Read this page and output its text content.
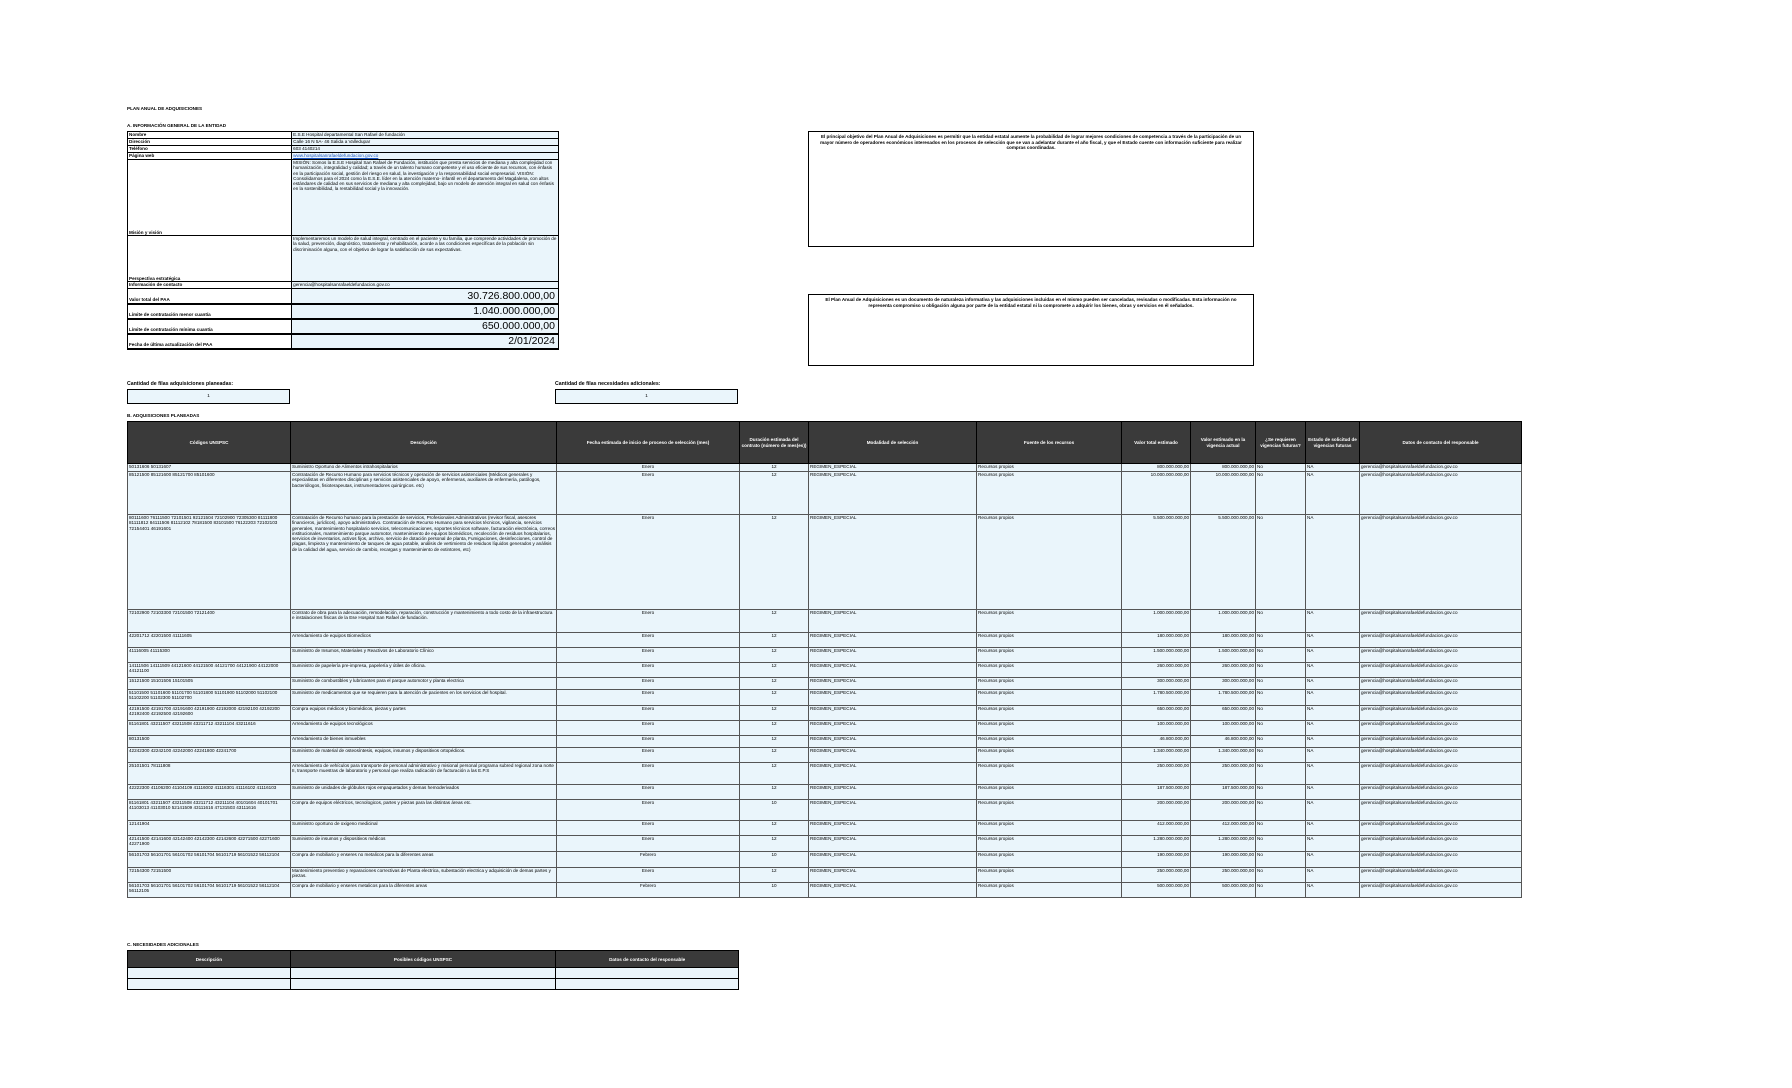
PLAN ANUAL DE ADQUISICIONES
A. INFORMACIÓN GENERAL DE LA ENTIDAD
Nombre	E.S.E Hospital departamental San Rafael de fundación
Dirección	Calle 16 N 5A- 46 Salida a Valledupar
Teléfono	603 4140214
Página web	www.hospitalsanrafaeldefundacion.gov.co
Misión y visión	MISIÓN: Somos la E.S.E Hospital San Rafael de Fundación, institución que presta servicios de mediana y alta complejidad con humanización, integralidad y calidad; a través de un talento humano competente y el uso eficiente de sus recursos, con énfasis en la participación social, gestión del riesgo en salud, la investigación y la responsabilidad social empresarial. VISIÓN: Consolidarnos para el 2024 como la E.S.E. líder en la atención materno- infantil en el departamento del Magdalena, con altos estándares de calidad en sus servicios de mediana y alta complejidad, bajo un modelo de atención integral en salud con énfasis en la sostenibilidad, la rentabilidad social y la innovación.
Perspectiva estratégica	Implementaremos un modelo de salud integral, centrado en el paciente y su familia, que comprende actividades de promoción de la salud, prevención, diagnóstico, tratamiento y rehabilitación, acorde a las condiciones específicas de la población sin discriminación alguna, con el objetivo de lograr la satisfacción de sus expectativas.
Información de contacto	gerencia@hospitalsanrafaeldefundacion.gov.co
Valor total del PAA	30.726.800.000,00
Límite de contratación menor cuantía	1.040.000.000,00
Límite de contratación mínima cuantía	650.000.000,00
Fecha de última actualización del PAA	2/01/2024
El principal objetivo del Plan Anual de Adquisiciones es permitir que la entidad estatal aumente la probabilidad de lograr mejores condiciones de competencia a través de la participación de un mayor número de operadores económicos interesados en los procesos de selección que se van a adelantar durante el año fiscal, y que el Estado cuente con información suficiente para realizar compras coordinadas.
El Plan Anual de Adquisiciones es un documento de naturaleza informativa y las adquisiciones incluidas en el mismo pueden ser canceladas, revisadas o modificadas. Esta información no representa compromiso u obligación alguna por parte de la entidad estatal ni la compromete a adquirir los bienes, obras y servicios en él señalados.
Cantidad de filas adquisiciones planeadas:
1
Cantidad de filas necesidades adicionales:
1
B. ADQUISICIONES PLANEADAS
Códigos UNSPSC	Descripción	Fecha estimada de inicio de proceso de selección (mes)	Duración estimada del contrato (número de mes(es))	Modalidad de selección	Fuente de los recursos	Valor total estimado	Valor estimado en la vigencia actual	¿Se requieren vigencias futuras?	Estado de solicitud de vigencias futuras	Datos de contacto del responsable
50131606 50131607	Suministro Oportuno de Alimentos intrahospitalarios	Enero	12	REGIMEN_ESPECIAL	Recursos propios	800.000.000,00	800.000.000,00	No	NA	gerencia@hospitalsanrafaeldefundacion.gov.co
85121500 85121600 85121700 85101600	Contratación de Recurso Humano para servicios técnicos y operación de servicios asistenciales (Médicos generales y especialistas en diferentes disciplinas y servicios asistenciales de apoyo, enfermeras, auxiliares de enfermería, patólogos, bacteriólogos, fisioterapeutas, instrumentadores quirúrgicos. etc)	Enero	12	REGIMEN_ESPECIAL	Recursos propios	10.000.000.000,00	10.000.000.000,00	No	NA	gerencia@hospitalsanrafaeldefundacion.gov.co
80111600 76111500 72101501 92121504 72102900 72305300 81111800 81111812 84111506 81112102 78181500 83101500 76122203 72102103 72154401 46191601	Contratación de Recurso humano para la prestación de servicios, Profesionales Administrativos (revisor fiscal, asesores financieros, jurídicos), apoyo administrativo. Contratación de Recurso Humano para servicios técnicos, vigilancia, servicios generales, mantenimiento hospitalario servicios, telecomunicaciones, soportes técnicos software, facturación electrónica, correos institucionales, mantenimiento parque automotor, mantenimiento de equipos biomédicos, recolección de residuos hospitalarios, servicios de inventarios, activos fijos, archivo, servicio de dotación personal de planta, Fumigaciones, desinfecciones, control de plagas, limpieza y mantenimiento de tanques de agua potable, análisis de vertimiento de residuos líquidos generados y análisis de la calidad del agua, servicio de cambio, recargas y mantenimiento de extintores, etc)	Enero	12	REGIMEN_ESPECIAL	Recursos propios	5.500.000.000,00	5.500.000.000,00	No	NA	gerencia@hospitalsanrafaeldefundacion.gov.co
72102900 72103300 72101500 72121400	Contrato de obra para la adecuación, remodelación, reparación, construcción y mantenimiento a todo costo de la infraestructura e instalaciones físicas de la Ese Hospital San Rafael de fundación.	Enero	12	REGIMEN_ESPECIAL	Recursos propios	1.000.000.000,00	1.000.000.000,00	No	NA	gerencia@hospitalsanrafaeldefundacion.gov.co
42201712 42201500 41111605	Arrendamiento de equipos Biomedicos	Enero	12	REGIMEN_ESPECIAL	Recursos propios	180.000.000,00	180.000.000,00	No	NA	gerencia@hospitalsanrafaeldefundacion.gov.co
41116005 41115300	Suministro de Insumos, Materiales y Reactivos de Laboratorio Clínico	Enero	12	REGIMEN_ESPECIAL	Recursos propios	1.500.000.000,00	1.500.000.000,00	No	NA	gerencia@hospitalsanrafaeldefundacion.gov.co
14111506 14111509 44121600 44121500 44121700 44121900 44122000 44121100	Suministro de papelería pre-impresa, papelería y útiles de oficina.	Enero	12	REGIMEN_ESPECIAL	Recursos propios	260.000.000,00	260.000.000,00	No	NA	gerencia@hospitalsanrafaeldefundacion.gov.co
15121500 15101506 15101505	Suministro de combustibles y lubricantes para el parque automotor y planta electrica	Enero	12	REGIMEN_ESPECIAL	Recursos propios	300.000.000,00	300.000.000,00	No	NA	gerencia@hospitalsanrafaeldefundacion.gov.co
51101500 51101600 51101700 51101800 51101900 51102000 51102100 51102200 51102300 51102700	Suministro de medicamentos que se requieren para la atención de pacientes en los servicios del hospital.	Enero	12	REGIMEN_ESPECIAL	Recursos propios	1.780.500.000,00	1.780.500.000,00	No	NA	gerencia@hospitalsanrafaeldefundacion.gov.co
42191500 42191700 42191600 42191900 42192000 42192100 42192200 42192400 42192500 42192600	Compra equipos médicos y biomédicos, piezas y partes	Enero	12	REGIMEN_ESPECIAL	Recursos propios	650.000.000,00	650.000.000,00	No	NA	gerencia@hospitalsanrafaeldefundacion.gov.co
81161801 43211507 43211508 43211712 43211104 43211616	Arrendamiento de equipos tecnológicos	Enero	12	REGIMEN_ESPECIAL	Recursos propios	100.000.000,00	100.000.000,00	No	NA	gerencia@hospitalsanrafaeldefundacion.gov.co
80131500	Arrendamiento de bienes inmuebles	Enero	12	REGIMEN_ESPECIAL	Recursos propios	46.800.000,00	46.800.000,00	No	NA	gerencia@hospitalsanrafaeldefundacion.gov.co
42242300 42242100 42242000 42241800 42241700	Suministro de material de osteosíntesis, equipos, insumos y dispositivos ortopédicos.	Enero	12	REGIMEN_ESPECIAL	Recursos propios	1.340.000.000,00	1.340.000.000,00	No	NA	gerencia@hospitalsanrafaeldefundacion.gov.co
25101501 78111808	Arrendamiento de vehículos para transporte de personal administrativo y misional personal programa subred regional zona norte II, transporte muestras de laboratorio y personal que realiza radicación de facturación a las E.P.S	Enero	12	REGIMEN_ESPECIAL	Recursos propios	250.000.000,00	250.000.000,00	No	NA	gerencia@hospitalsanrafaeldefundacion.gov.co
42222300 41106200 41104109 41116002 41116301 41116102 41116103	Suministro de unidades de glóbulos rojos empaquetados y demas hemoderivados	Enero	12	REGIMEN_ESPECIAL	Recursos propios	187.500.000,00	187.500.000,00	No	NA	gerencia@hospitalsanrafaeldefundacion.gov.co
81161801 43211507 43211508 43211712 43211104 40101604 40101701 41103013 41103010 52141509 43111616 47131503 43111616	Compra de equipos eléctricos, tecnologicos, partes y piezas para las distintas áreas etc.	Enero	10	REGIMEN_ESPECIAL	Recursos propios	200.000.000,00	200.000.000,00	No	NA	gerencia@hospitalsanrafaeldefundacion.gov.co
12141904	Suministro oportuno de oxigeno medicinal	Enero	12	REGIMEN_ESPECIAL	Recursos propios	412.000.000,00	412.000.000,00	No	NA	gerencia@hospitalsanrafaeldefundacion.gov.co
42141500 42141600 42142400 42142300 42142600 42271500 42271600 42271900	Suministro de insumos y dispositivos médicos	Enero	12	REGIMEN_ESPECIAL	Recursos propios	1.280.000.000,00	1.280.000.000,00	No	NA	gerencia@hospitalsanrafaeldefundacion.gov.co
56101703 56101701 56101702 56101704 56101719 56101522 56112104	Compra de mobiliario y enseres no metalicos para la diferentes areas	Febrero	10	REGIMEN_ESPECIAL	Recursos propios	190.000.000,00	190.000.000,00	No	NA	gerencia@hospitalsanrafaeldefundacion.gov.co
72154300 72151500	Mantenimiento preventivo y reparaciones correctivas de Planta electrica, subestación electrica y adquisición de demas partes y piezas.	Enero	12	REGIMEN_ESPECIAL	Recursos propios	250.000.000,00	250.000.000,00	No	NA	gerencia@hospitalsanrafaeldefundacion.gov.co
56101703 56101701 56101702 56101704 56101719 56101522 56112104 56112105	Compra de mobiliario y enseres metalicos para la diferentes areas	Febrero	10	REGIMEN_ESPECIAL	Recursos propios	500.000.000,00	500.000.000,00	No	NA	gerencia@hospitalsanrafaeldefundacion.gov.co
C. NECESIDADES ADICIONALES
Descripción	Posibles códigos UNSPSC	Datos de contacto del responsable
